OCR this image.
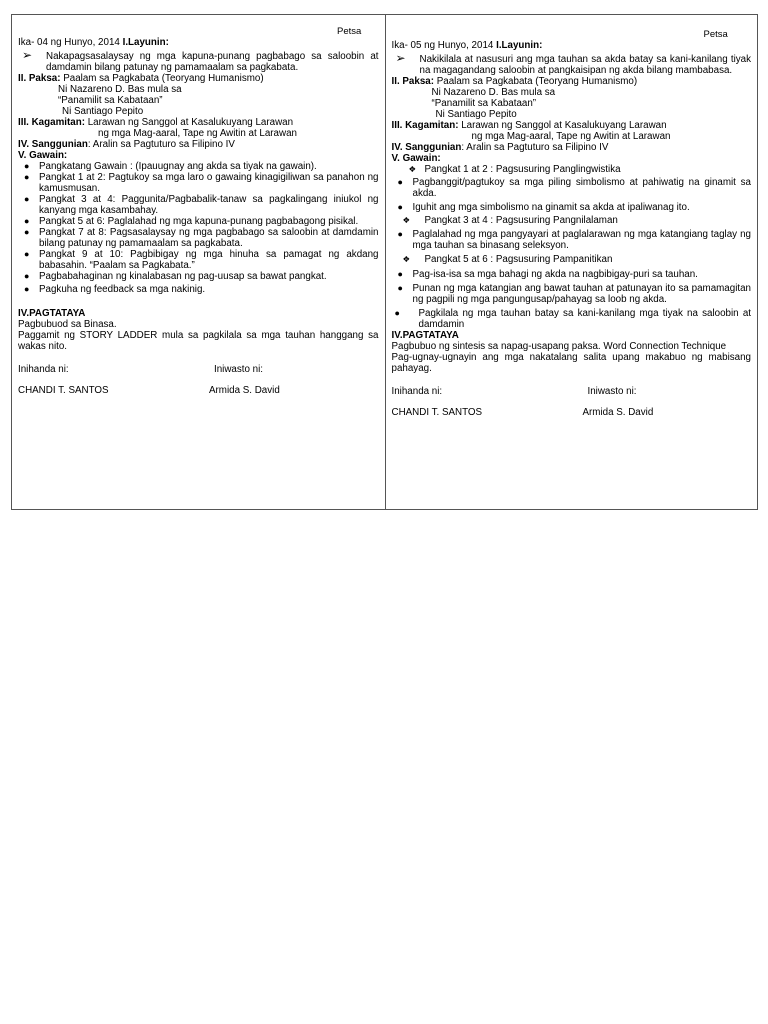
Petsa

Ika- 04 ng Hunyo, 2014 I.Layunin:

➢ Nakapagsasalaysay ng mga kapuna-punang pagbabago sa saloobin at damdamin bilang patunay ng pamamaalam sa pagkabata.

II. Paksa: Paalam sa Pagkabata (Teoryang Humanismo)

Ni Nazareno D. Bas mula sa

“Panamilit sa Kabataan”

Ni Santiago Pepito

III. Kagamitan: Larawan ng Sanggol at Kasalukuyang Larawan

ng mga Mag-aaral, Tape ng Awitin at Larawan

IV. Sanggunian: Aralin sa Pagtuturo sa Filipino IV

V. Gawain:

● Pangkatang Gawain : (Ipauugnay ang akda sa tiyak na gawain).
● Pangkat 1 at 2: Pagtukoy sa mga laro o gawaing kinagigiliwan sa panahon ng kamusmusan.
● Pangkat 3 at 4: Paggunita/Pagbabalik-tanaw sa pagkalingang iniukol ng kanyang mga kasambahay.
● Pangkat 5 at 6: Paglalahad ng mga kapuna-punang pagbabagong pisikal.
● Pangkat 7 at 8: Pagsasalaysay ng mga pagbabago sa saloobin at damdamin bilang patunay ng pamamaalam sa pagkabata.
● Pangkat 9 at 10: Pagbibigay ng mga hinuha sa pamagat ng akdang babasahin. “Paalam sa Pagkabata.”
● Pagbabahaginan ng kinalabasan ng pag-uusap sa bawat pangkat.
● Pagkuha ng feedback sa mga nakinig.

IV.PAGTATAYA

Pagbubuod sa Binasa.

Paggamit ng STORY LADDER mula sa pagkilala sa mga tauhan hanggang sa wakas nito.

Inihanda ni:	Iniwasto ni:
CHANDI T. SANTOS	Armida S. David
Petsa

Ika- 05 ng Hunyo, 2014 I.Layunin:

➢ Nakikilala at nasusuri ang mga tauhan sa akda batay sa kani-kanilang tiyak na magagandang saloobin at pangkaisipan ng akda bilang mambabasa.

II. Paksa: Paalam sa Pagkabata (Teoryang Humanismo)

Ni Nazareno D. Bas mula sa

“Panamilit sa Kabataan”

Ni Santiago Pepito

III. Kagamitan: Larawan ng Sanggol at Kasalukuyang Larawan

ng mga Mag-aaral, Tape ng Awitin at Larawan

IV. Sanggunian: Aralin sa Pagtuturo sa Filipino IV

V. Gawain:

❖ Pangkat 1 at 2 : Pagsusuring Panglingwistika
● Pagbanggit/pagtukoy sa mga piling simbolismo at pahiwatig na ginamit sa akda.
● Iguhit ang mga simbolismo na ginamit sa akda at ipaliwanag ito.
❖ Pangkat 3 at 4 : Pagsusuring Pangnilalaman
● Paglalahad ng mga pangyayari at paglalarawan ng mga katangiang taglay ng mga tauhan sa binasang seleksyon.
❖ Pangkat 5 at 6 : Pagsusuring Pampanitikan
● Pag-isa-isa sa mga bahagi ng akda na nagbibigay-puri sa tauhan.
● Punan ng mga katangian ang bawat tauhan at patunayan ito sa pamamagitan ng pagpili ng mga pangungusap/pahayag sa loob ng akda.
● Pagkilala ng mga tauhan batay sa kani-kanilang mga tiyak na saloobin at damdamin

IV.PAGTATAYA

Pagbubuo ng sintesis sa napag-usapang paksa. Word Connection Technique

Pag-ugnay-ugnayin ang mga nakatalang salita upang makabuo ng mabisang pahayag.

Inihanda ni:	Iniwasto ni:
CHANDI T. SANTOS	Armida S. David
